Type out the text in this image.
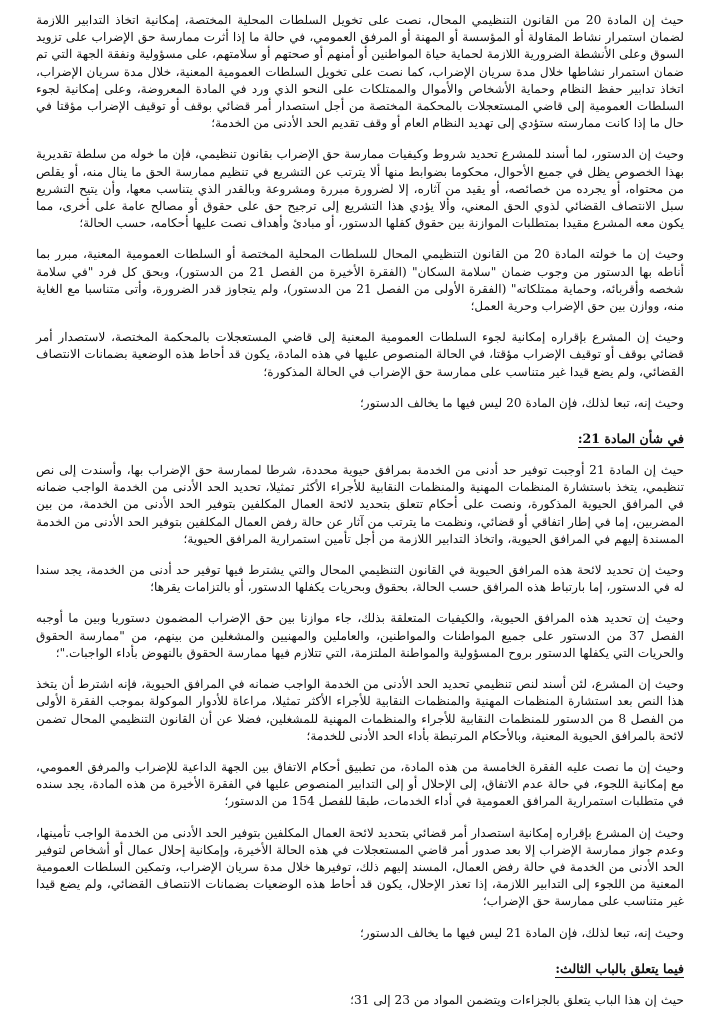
حيث إن المادة 20 من القانون التنظيمي المحال، نصت على تخويل السلطات المحلية المختصة، إمكانية اتخاذ التدابير اللازمة لضمان استمرار نشاط المقاولة أو المؤسسة أو المهنة أو المرفق العمومي، في حالة ما إذا أثرت ممارسة حق الإضراب على تزويد السوق وعلى الأنشطة الضرورية اللازمة لحماية حياة المواطنين أو أمنهم أو صحتهم أو سلامتهم، على مسؤولية ونفقة الجهة التي تم ضمان استمرار نشاطها خلال مدة سريان الإضراب، كما نصت على تخويل السلطات العمومية المعنية، خلال مدة سريان الإضراب، اتخاذ تدابير حفظ النظام وحماية الأشخاص والأموال والممتلكات على النحو الذي ورد في المادة المعروضة، وعلى إمكانية لجوء السلطات العمومية إلى قاضي المستعجلات بالمحكمة المختصة من أجل استصدار أمر قضائي بوقف أو توقيف الإضراب مؤقتا في حال ما إذا كانت ممارسته ستؤدي إلى تهديد النظام العام أو وقف تقديم الحد الأدنى من الخدمة؛

وحيث إن الدستور، لما أسند للمشرع تحديد شروط وكيفيات ممارسة حق الإضراب بقانون تنظيمي، فإن ما خوله من سلطة تقديرية بهذا الخصوص يظل في جميع الأحوال، محكوما بضوابط منها ألا يترتب عن التشريع في تنظيم ممارسة الحق ما ينال منه، أو يقلص من محتواه، أو يجرده من خصائصه، أو يقيد من آثاره، إلا لضرورة مبررة ومشروعة وبالقدر الذي يتناسب معها، وأن يتيح التشريع سبل الانتصاف القضائي لذوي الحق المعني، وألا يؤدي هذا التشريع إلى ترجيح حق على حقوق أو مصالح عامة على أخرى، مما يكون معه المشرع مقيدا بمتطلبات الموازنة بين حقوق كفلها الدستور، أو مبادئ وأهداف نصت عليها أحكامه، حسب الحالة؛

وحيث إن ما خولته المادة 20 من القانون التنظيمي المحال للسلطات المحلية المختصة أو السلطات العمومية المعنية، مبرر بما أناطه بها الدستور من وجوب ضمان "سلامة السكان" (الفقرة الأخيرة من الفصل 21 من الدستور)، وبحق كل فرد "في سلامة شخصه وأقربائه، وحماية ممتلكاته" (الفقرة الأولى من الفصل 21 من الدستور)، ولم يتجاوز قدر الضرورة، وأتى متناسبا مع الغاية منه، ووازن بين حق الإضراب وحرية العمل؛

وحيث إن المشرع بإقراره إمكانية لجوء السلطات العمومية المعنية إلى قاضي المستعجلات بالمحكمة المختصة، لاستصدار أمر قضائي بوقف أو توقيف الإضراب مؤقتا، في الحالة المنصوص عليها في هذه المادة، يكون قد أحاط هذه الوضعية بضمانات الانتصاف القضائي، ولم يضع قيدا غير متناسب على ممارسة حق الإضراب في الحالة المذكورة؛

وحيث إنه، تبعا لذلك، فإن المادة 20 ليس فيها ما يخالف الدستور؛

في شأن المادة 21:

حيث إن المادة 21 أوجبت توفير حد أدنى من الخدمة بمرافق حيوية محددة، شرطا لممارسة حق الإضراب بها، وأسندت إلى نص تنظيمي، يتخذ باستشارة المنظمات المهنية والمنظمات النقابية للأجراء الأكثر تمثيلا، تحديد الحد الأدنى من الخدمة الواجب ضمانه في المرافق الحيوية المذكورة، ونصت على أحكام تتعلق بتحديد لائحة العمال المكلفين بتوفير الحد الأدنى من الخدمة، من بين المضربين، إما في إطار اتفاقي أو قضائي، ونظمت ما يترتب من آثار عن حالة رفض العمال المكلفين بتوفير الحد الأدنى من الخدمة المسندة إليهم في المرافق الحيوية، واتخاذ التدابير اللازمة من أجل تأمين استمرارية المرافق الحيوية؛

وحيث إن تحديد لائحة هذه المرافق الحيوية في القانون التنظيمي المحال والتي يشترط فيها توفير حد أدنى من الخدمة، يجد سندا له في الدستور، إما بارتباط هذه المرافق حسب الحالة، بحقوق وبحريات يكفلها الدستور، أو بالتزامات يقرها؛

وحيث إن تحديد هذه المرافق الحيوية، والكيفيات المتعلقة بذلك، جاء موازنا بين حق الإضراب المضمون دستوريا وبين ما أوجبه الفصل 37 من الدستور على جميع المواطنات والمواطنين، والعاملين والمهنيين والمشغلين من بينهم، من "ممارسة الحقوق والحريات التي يكفلها الدستور بروح المسؤولية والمواطنة الملتزمة، التي تتلازم فيها ممارسة الحقوق بالنهوض بأداء الواجبات."؛

وحيث إن المشرع، لئن أسند لنص تنظيمي تحديد الحد الأدنى من الخدمة الواجب ضمانه في المرافق الحيوية، فإنه اشترط أن يتخذ هذا النص بعد استشارة المنظمات المهنية والمنظمات النقابية للأجراء الأكثر تمثيلا، مراعاة للأدوار الموكولة بموجب الفقرة الأولى من الفصل 8 من الدستور للمنظمات النقابية للأجراء والمنظمات المهنية للمشغلين، فضلا عن أن القانون التنظيمي المحال تضمن لائحة بالمرافق الحيوية المعنية، وبالأحكام المرتبطة بأداء الحد الأدنى للخدمة؛

وحيث إن ما نصت عليه الفقرة الخامسة من هذه المادة، من تطبيق أحكام الاتفاق بين الجهة الداعية للإضراب والمرفق العمومي، مع إمكانية اللجوء، في حالة عدم الاتفاق، إلى الإحلال أو إلى التدابير المنصوص عليها في الفقرة الأخيرة من هذه المادة، يجد سنده في متطلبات استمرارية المرافق العمومية في أداء الخدمات، طبقا للفصل 154 من الدستور؛

وحيث إن المشرع بإقراره إمكانية استصدار أمر قضائي بتحديد لائحة العمال المكلفين بتوفير الحد الأدنى من الخدمة الواجب تأمينها، وعدم جواز ممارسة الإضراب إلا بعد صدور أمر قاضي المستعجلات في هذه الحالة الأخيرة، وإمكانية إحلال عمال أو أشخاص لتوفير الحد الأدنى من الخدمة في حالة رفض العمال، المسند إليهم ذلك، توفيرها خلال مدة سريان الإضراب، وتمكين السلطات العمومية المعنية من اللجوء إلى التدابير اللازمة، إذا تعذر الإحلال، يكون قد أحاط هذه الوضعيات بضمانات الانتصاف القضائي، ولم يضع قيدا غير متناسب على ممارسة حق الإضراب؛

وحيث إنه، تبعا لذلك، فإن المادة 21 ليس فيها ما يخالف الدستور؛

فيما يتعلق بالباب الثالث:

حيث إن هذا الباب يتعلق بالجزاءات ويتضمن المواد من 23 إلى 31؛
